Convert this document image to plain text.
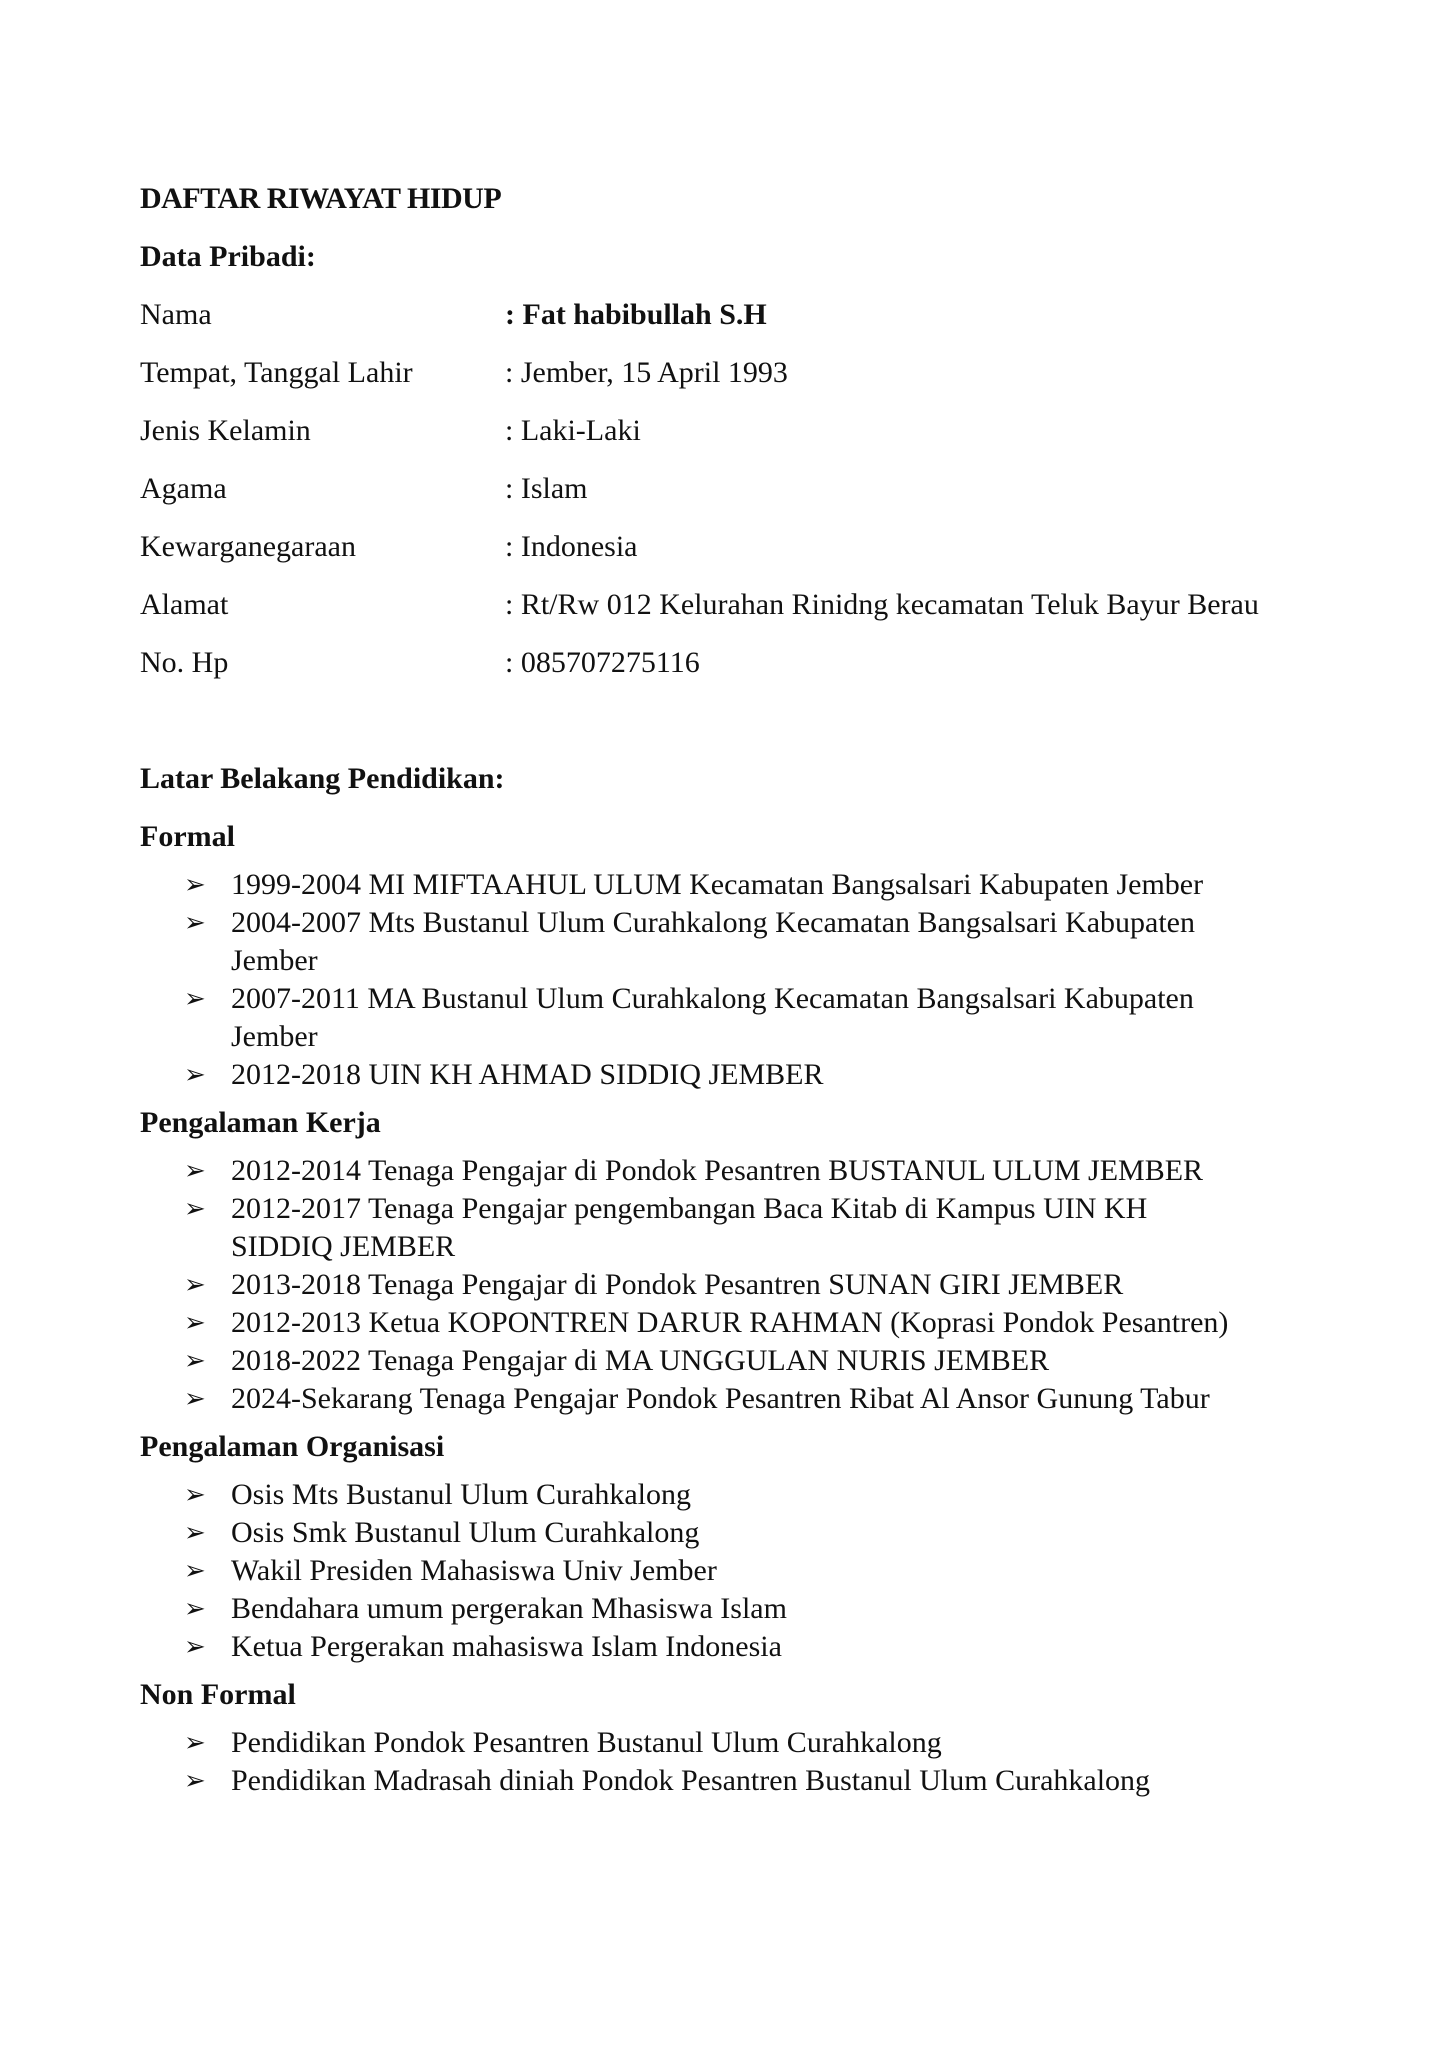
DAFTAR RIWAYAT HIDUP
Data Pribadi:
Nama	: Fat habibullah S.H
Tempat, Tanggal Lahir	: Jember, 15 April 1993
Jenis Kelamin	: Laki-Laki
Agama	: Islam
Kewarganegaraan	: Indonesia
Alamat	: Rt/Rw 012 Kelurahan Rinidng kecamatan Teluk Bayur Berau
No. Hp	: 085707275116
Latar Belakang Pendidikan:
Formal
➢ 1999-2004 MI MIFTAAHUL ULUM Kecamatan Bangsalsari Kabupaten Jember
➢ 2004-2007 Mts Bustanul Ulum Curahkalong Kecamatan Bangsalsari Kabupaten Jember
➢ 2007-2011 MA Bustanul Ulum Curahkalong Kecamatan Bangsalsari Kabupaten Jember
➢ 2012-2018 UIN KH AHMAD SIDDIQ JEMBER
Pengalaman Kerja
➢ 2012-2014 Tenaga Pengajar di Pondok Pesantren BUSTANUL ULUM JEMBER
➢ 2012-2017 Tenaga Pengajar pengembangan Baca Kitab di Kampus UIN KH SIDDIQ JEMBER
➢ 2013-2018 Tenaga Pengajar di Pondok Pesantren SUNAN GIRI JEMBER
➢ 2012-2013 Ketua KOPONTREN DARUR RAHMAN (Koprasi Pondok Pesantren)
➢ 2018-2022 Tenaga Pengajar di MA UNGGULAN NURIS JEMBER
➢ 2024-Sekarang Tenaga Pengajar Pondok Pesantren Ribat Al Ansor Gunung Tabur
Pengalaman Organisasi
➢ Osis Mts Bustanul Ulum Curahkalong
➢ Osis Smk Bustanul Ulum Curahkalong
➢ Wakil Presiden Mahasiswa Univ Jember
➢ Bendahara umum pergerakan Mhasiswa Islam
➢ Ketua Pergerakan mahasiswa Islam Indonesia
Non Formal
➢ Pendidikan Pondok Pesantren Bustanul Ulum Curahkalong
➢ Pendidikan Madrasah diniah Pondok Pesantren Bustanul Ulum Curahkalong
